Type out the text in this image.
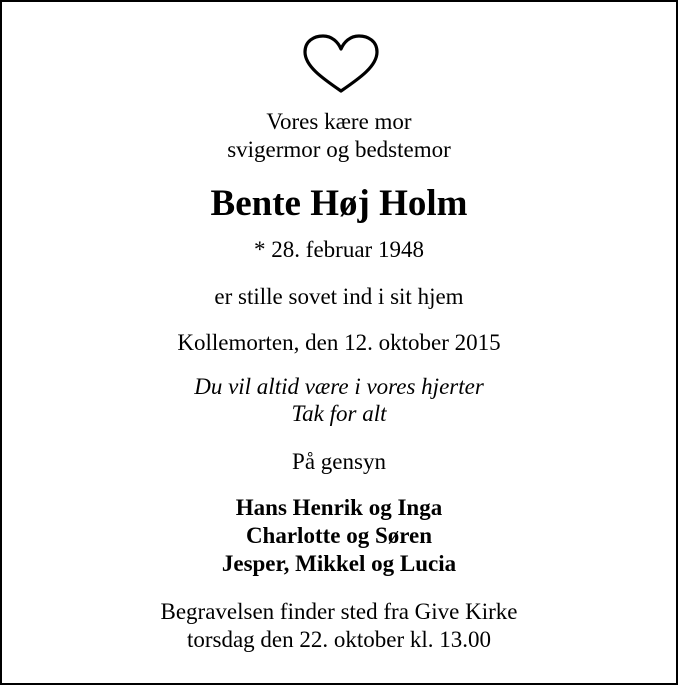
Vores kære mor
svigermor og bedstemor
Bente Høj Holm
* 28. februar 1948
er stille sovet ind i sit hjem
Kollemorten, den 12. oktober 2015
Du vil altid være i vores hjerter
Tak for alt
På gensyn
Hans Henrik og Inga
Charlotte og Søren
Jesper, Mikkel og Lucia
Begravelsen finder sted fra Give Kirke
torsdag den 22. oktober kl. 13.00
